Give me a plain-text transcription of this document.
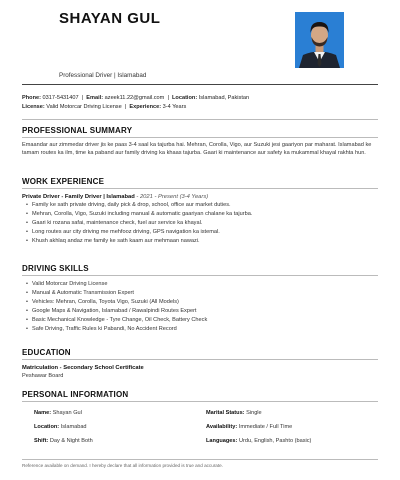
SHAYAN GUL
Professional Driver | Islamabad
Phone: 0317-5431407  |  Email: azeek11.22@gmail.com  |  Location: Islamabad, Pakistan
License: Valid Motorcar Driving License  |  Experience: 3-4 Years
PROFESSIONAL SUMMARY
Emaandar aur zimmedar driver jis ke paas 3-4 saal ka tajurba hai. Mehran, Corolla, Vigo, aur Suzuki jesi gaariyon par maharat. Islamabad ke tamam routes ka ilm, time ka paband aur family driving ka khaas tajurba. Gaari ki maintenance aur safety ka mukammal khayal rakhta hun.
WORK EXPERIENCE
Private Driver - Family Driver | Islamabad - 2021 - Present (3-4 Years)
• Family ke sath private driving, daily pick & drop, school, office aur market duties.
• Mehran, Corolla, Vigo, Suzuki including manual & automatic gaariyan chalane ka tajurba.
• Gaari ki rozana safai, maintenance check, fuel aur service ka khayal.
• Long routes aur city driving me mehfooz driving, GPS navigation ka istemal.
• Khush akhlaq andaz me family ke sath kaam aur mehmaan nawazi.
DRIVING SKILLS
• Valid Motorcar Driving License
• Manual & Automatic Transmission Expert
• Vehicles: Mehran, Corolla, Toyota Vigo, Suzuki (All Models)
• Google Maps & Navigation, Islamabad / Rawalpindi Routes Expert
• Basic Mechanical Knowledge - Tyre Change, Oil Check, Battery Check
• Safe Driving, Traffic Rules ki Pabandi, No Accident Record
EDUCATION
Matriculation - Secondary School Certificate
Peshawar Board
PERSONAL INFORMATION
Name: Shayan Gul	Marital Status: Single
Location: Islamabad	Availability: Immediate / Full Time
Shift: Day & Night Both	Languages: Urdu, English, Pashto (basic)
Reference available on demand. I hereby declare that all information provided is true and accurate.
